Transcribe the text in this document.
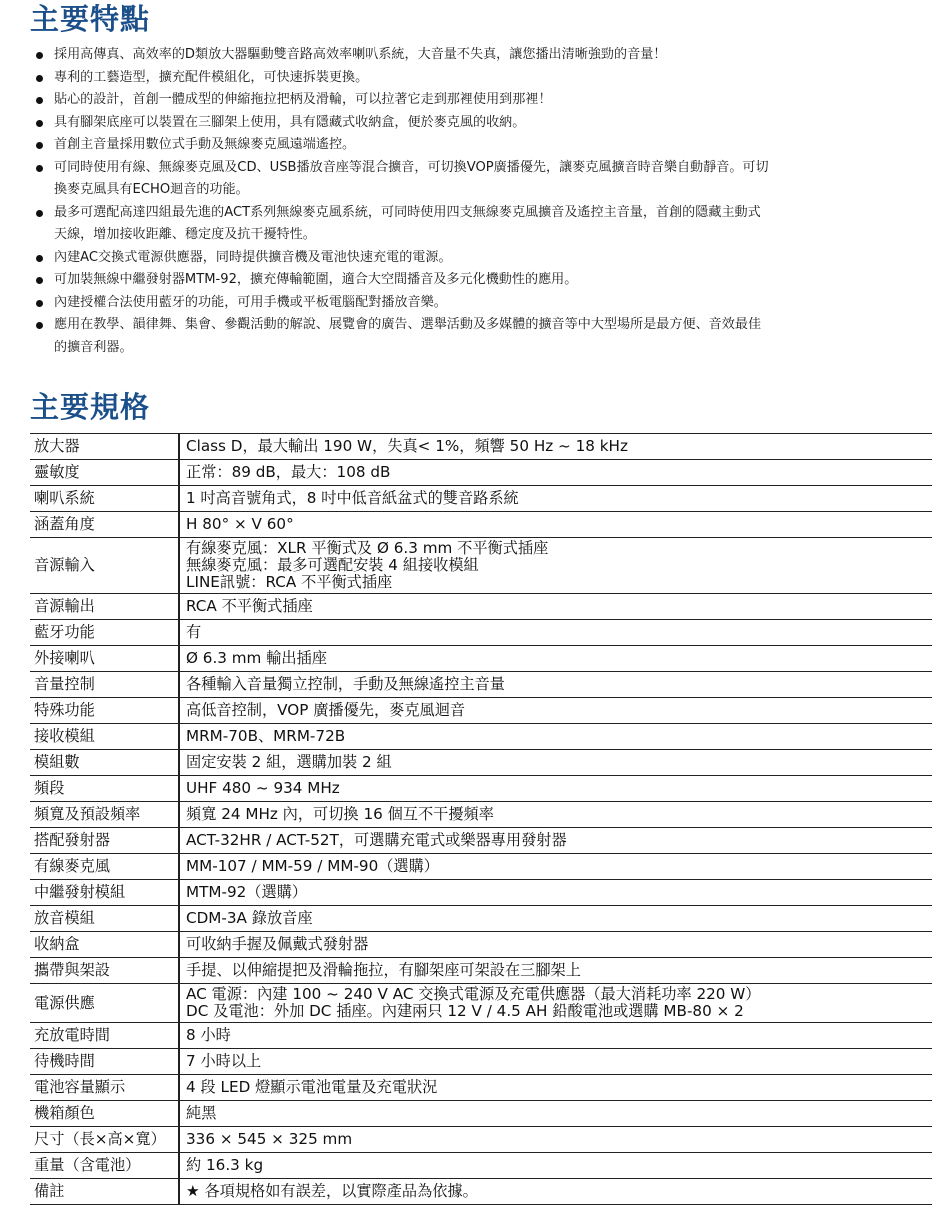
主要特點
採用高傳真、高效率的D類放大器驅動雙音路高效率喇叭系統，大音量不失真，讓您播出清晰強勁的音量！
專利的工藝造型，擴充配件模組化，可快速拆裝更換。
貼心的設計，首創一體成型的伸縮拖拉把柄及滑輪，可以拉著它走到那裡使用到那裡！
具有腳架底座可以裝置在三腳架上使用，具有隱藏式收納盒，便於麥克風的收納。
首創主音量採用數位式手動及無線麥克風遠端遙控。
可同時使用有線、無線麥克風及CD、USB播放音座等混合擴音，可切換VOP廣播優先，讓麥克風擴音時音樂自動靜音。可切
換麥克風具有ECHO迴音的功能。
最多可選配高達四組最先進的ACT系列無線麥克風系統，可同時使用四支無線麥克風擴音及遙控主音量，首創的隱藏主動式
天線，增加接收距離、穩定度及抗干擾特性。
內建AC交換式電源供應器，同時提供擴音機及電池快速充電的電源。
可加裝無線中繼發射器MTM-92，擴充傳輸範圍，適合大空間播音及多元化機動性的應用。
內建授權合法使用藍牙的功能，可用手機或平板電腦配對播放音樂。
應用在教學、韻律舞、集會、參觀活動的解說、展覽會的廣告、選舉活動及多媒體的擴音等中大型場所是最方便、音效最佳
的擴音利器。
主要規格
放大器	Class D，最大輸出 190 W，失真< 1%，頻響 50 Hz ~ 18 kHz

靈敏度	正常：89 dB，最大：108 dB

喇叭系統	1 吋高音號角式，8 吋中低音紙盆式的雙音路系統

涵蓋角度	H 80° × V 60°

音源輸入	有線麥克風：XLR 平衡式及 Ø 6.3 mm 不平衡式插座
無線麥克風：最多可選配安裝 4 組接收模組
LINE訊號：RCA 不平衡式插座

音源輸出	RCA 不平衡式插座

藍牙功能	有

外接喇叭	Ø 6.3 mm 輸出插座

音量控制	各種輸入音量獨立控制，手動及無線遙控主音量

特殊功能	高低音控制，VOP 廣播優先，麥克風迴音

接收模組	MRM-70B、MRM-72B

模組數	固定安裝 2 組，選購加裝 2 組

頻段	UHF 480 ~ 934 MHz

頻寬及預設頻率	頻寬 24 MHz 內，可切換 16 個互不干擾頻率

搭配發射器	ACT-32HR / ACT-52T，可選購充電式或樂器專用發射器

有線麥克風	MM-107 / MM-59 / MM-90（選購）

中繼發射模組	MTM-92（選購）

放音模組	CDM-3A 錄放音座

收納盒	可收納手握及佩戴式發射器

攜帶與架設	手提、以伸縮提把及滑輪拖拉，有腳架座可架設在三腳架上

電源供應	AC 電源：內建 100 ~ 240 V AC 交換式電源及充電供應器（最大消耗功率 220 W）
DC 及電池：外加 DC 插座。內建兩只 12 V / 4.5 AH 鉛酸電池或選購 MB-80 × 2

充放電時間	8 小時

待機時間	7 小時以上

電池容量顯示	4 段 LED 燈顯示電池電量及充電狀況

機箱顏色	純黑

尺寸（長×高×寬）	336 × 545 × 325 mm

重量（含電池）	約 16.3 kg

備註	★ 各項規格如有誤差，以實際產品為依據。
